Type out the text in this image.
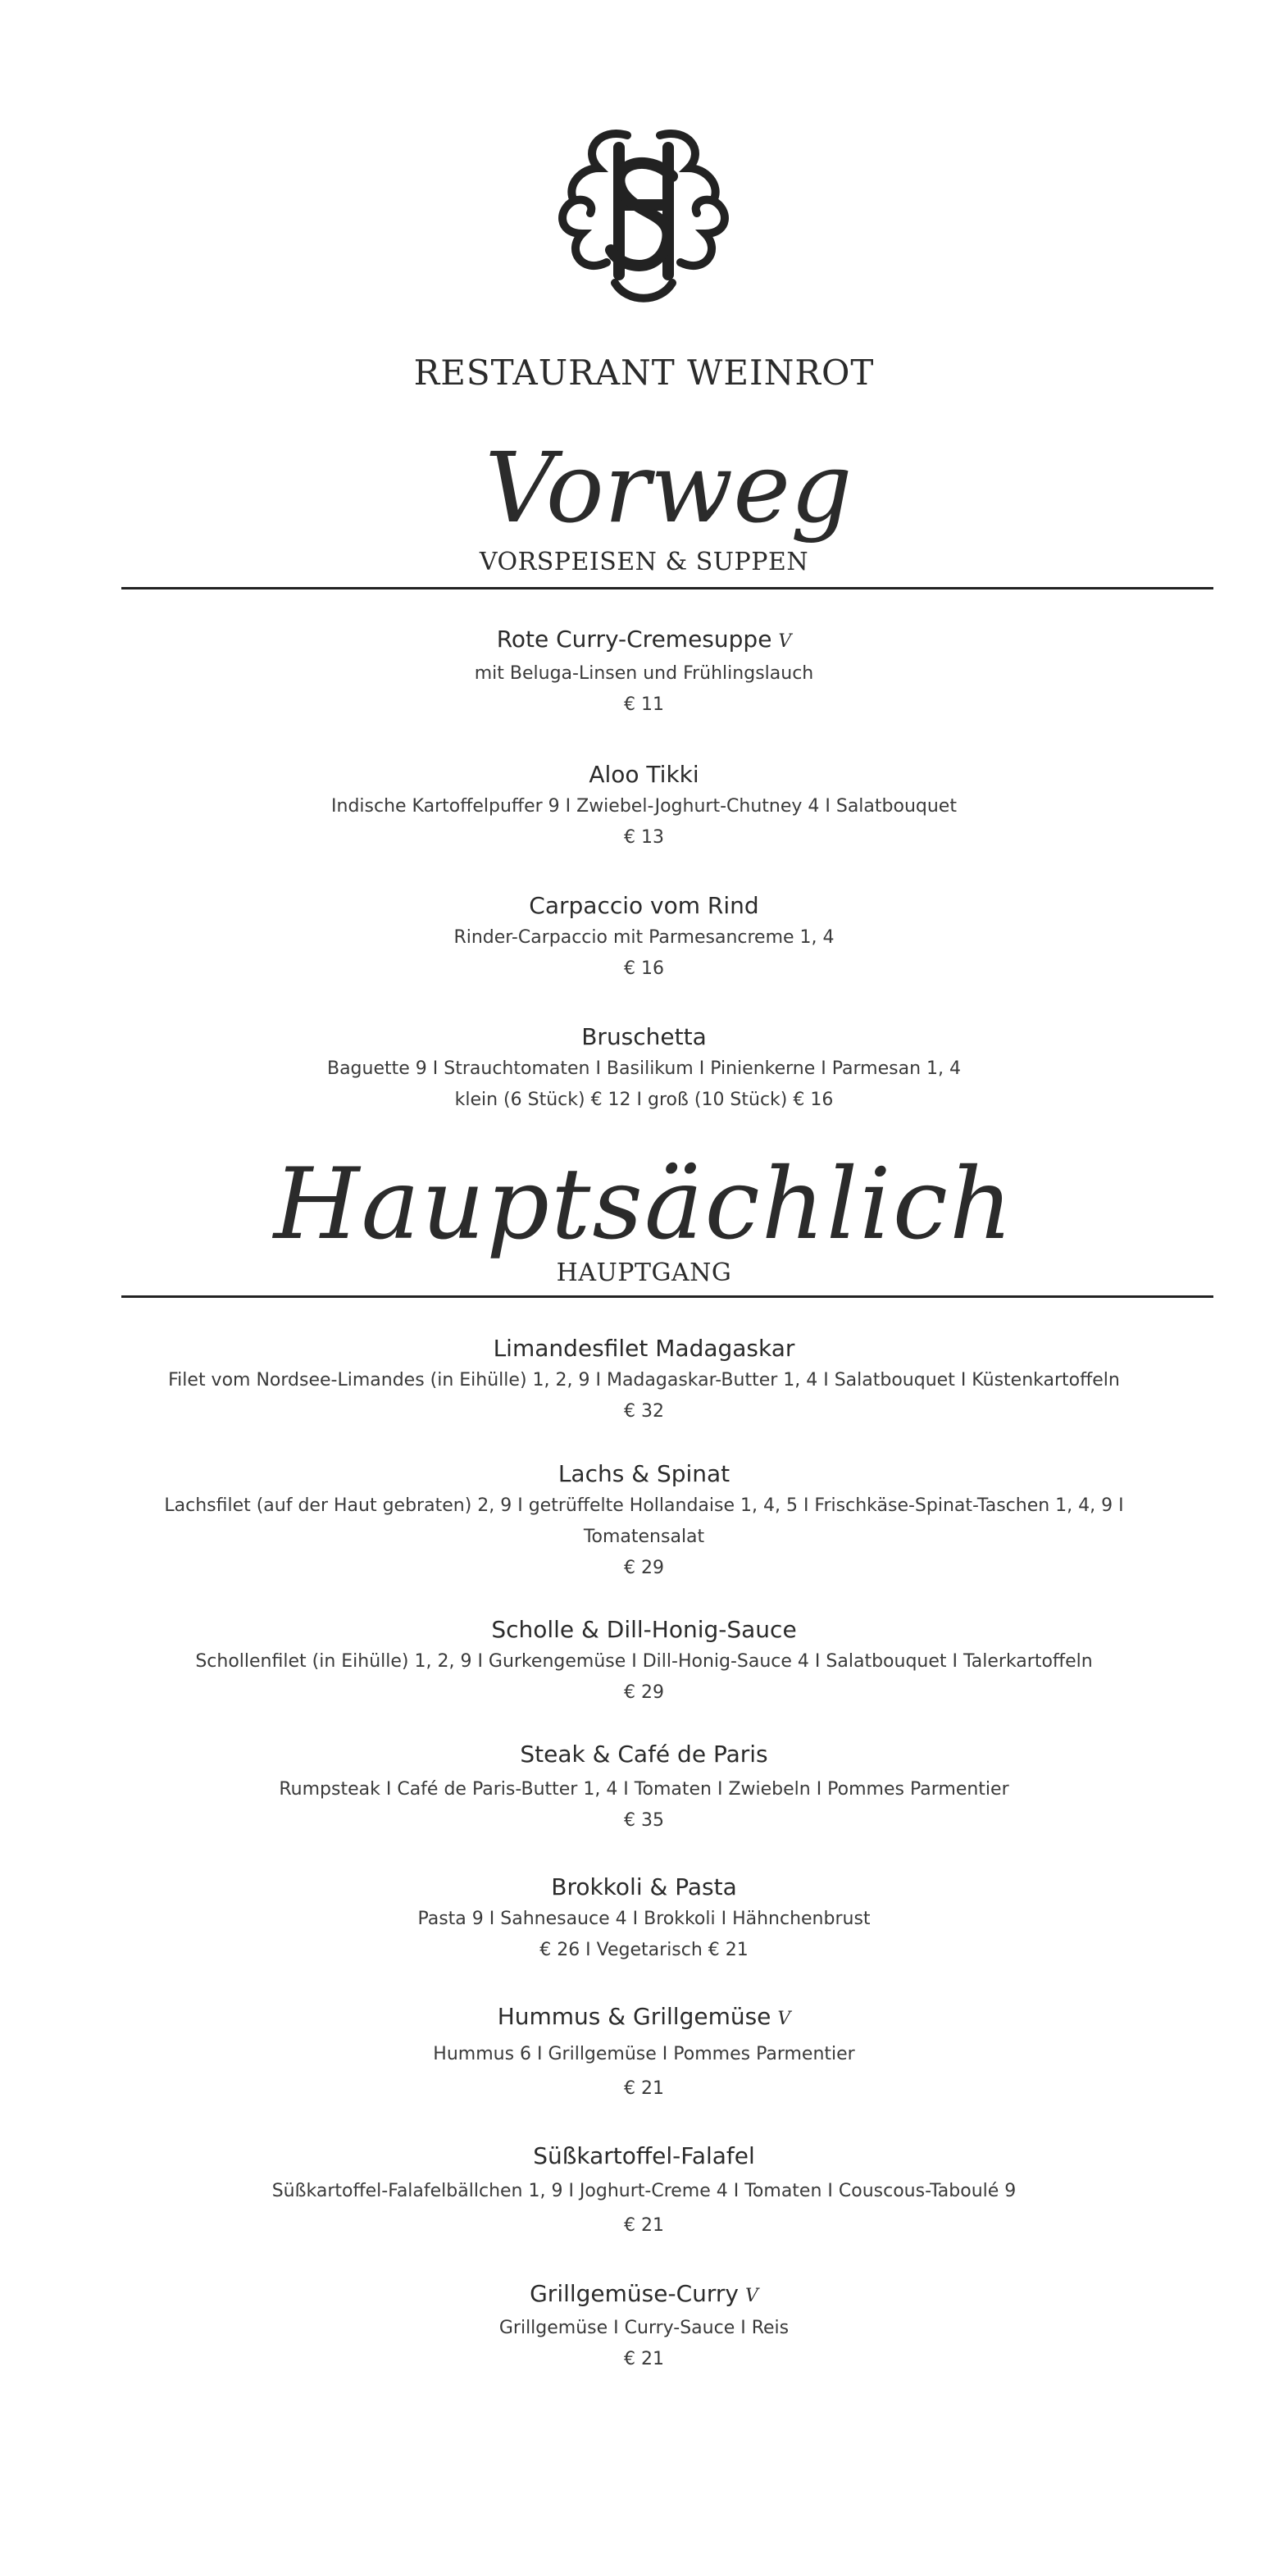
RESTAURANT WEINROT
Vorweg
VORSPEISEN & SUPPEN
Rote Curry-Cremesuppe V
mit Beluga-Linsen und Frühlingslauch
€ 11
Aloo Tikki
Indische Kartoffelpuffer 9 I Zwiebel-Joghurt-Chutney 4 I Salatbouquet
€ 13
Carpaccio vom Rind
Rinder-Carpaccio mit Parmesancreme 1, 4
€ 16
Bruschetta
Baguette 9 I Strauchtomaten I Basilikum I Pinienkerne I Parmesan 1, 4
klein (6 Stück) € 12 I groß (10 Stück) € 16
Hauptsächlich
HAUPTGANG
Limandesfilet Madagaskar
Filet vom Nordsee-Limandes (in Eihülle) 1, 2, 9 I Madagaskar-Butter 1, 4 I Salatbouquet I Küstenkartoffeln
€ 32
Lachs & Spinat
Lachsfilet (auf der Haut gebraten) 2, 9 I getrüffelte Hollandaise 1, 4, 5 I Frischkäse-Spinat-Taschen 1, 4, 9 I
Tomatensalat
€ 29
Scholle & Dill-Honig-Sauce
Schollenfilet (in Eihülle) 1, 2, 9 I Gurkengemüse I Dill-Honig-Sauce 4 I Salatbouquet I Talerkartoffeln
€ 29
Steak & Café de Paris
Rumpsteak I Café de Paris-Butter 1, 4 I Tomaten I Zwiebeln I Pommes Parmentier
€ 35
Brokkoli & Pasta
Pasta 9 I Sahnesauce 4 I Brokkoli I Hähnchenbrust
€ 26 I Vegetarisch € 21
Hummus & Grillgemüse V
Hummus 6 I Grillgemüse I Pommes Parmentier
€ 21
Süßkartoffel-Falafel
Süßkartoffel-Falafelbällchen 1, 9 I Joghurt-Creme 4 I Tomaten I Couscous-Taboulé 9
€ 21
Grillgemüse-Curry V
Grillgemüse I Curry-Sauce I Reis
€ 21
